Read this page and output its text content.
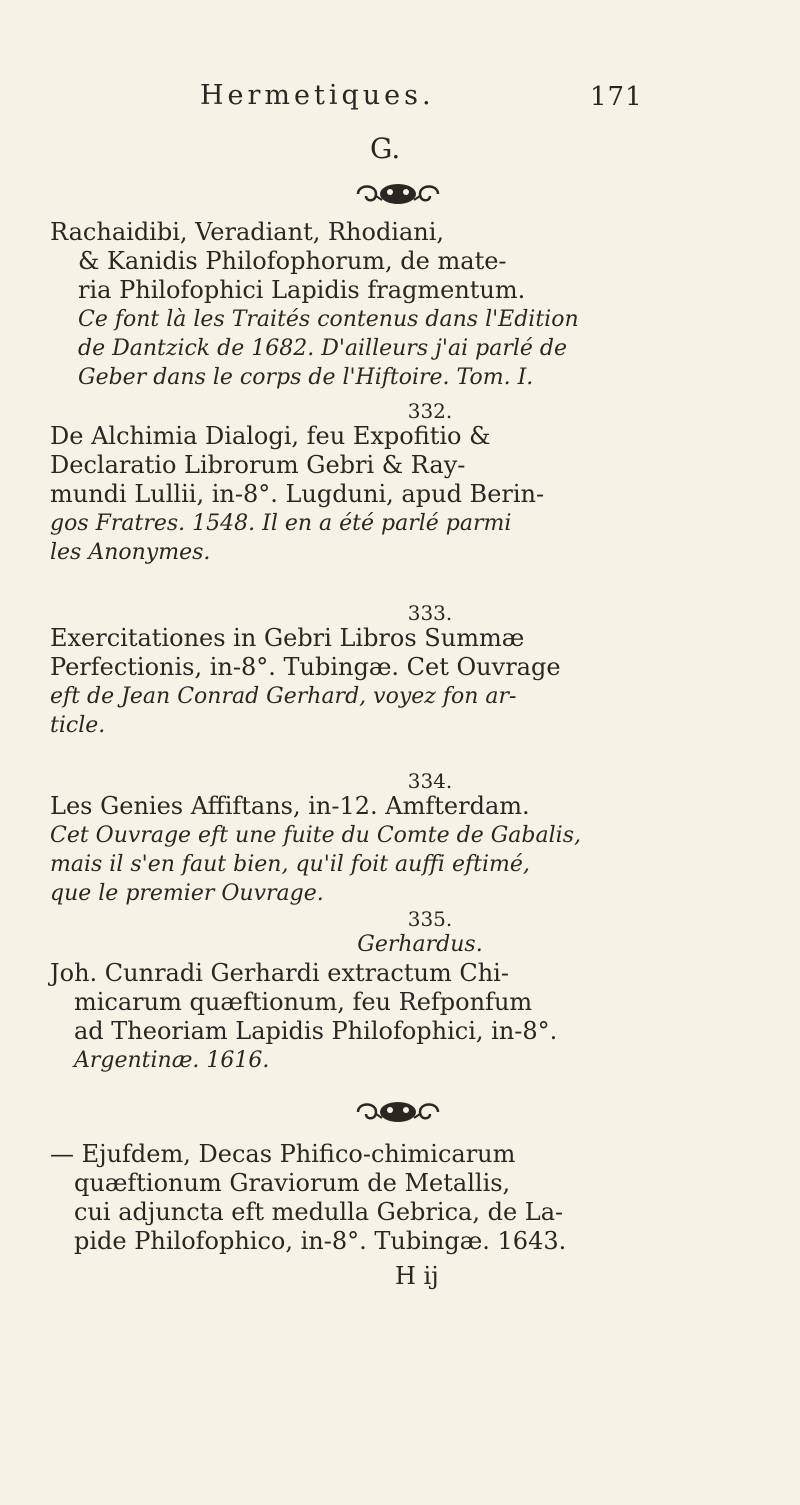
Hermetiques.	171
G.
Rachaidibi, Veradiant, Rhodiani,
& Kanidis Philofophorum, de mate-
ria Philofophici Lapidis fragmentum.
Ce font là les Traités contenus dans l'Edition
de Dantzick de 1682. D'ailleurs j'ai parlé de
Geber dans le corps de l'Hiftoire. Tom. I.
332.
De Alchimia Dialogi, feu Expofitio &
Declaratio Librorum Gebri & Ray-
mundi Lullii, in-8°. Lugduni, apud Berin-
gos Fratres. 1548. Il en a été parlé parmi
les Anonymes.
333.
Exercitationes in Gebri Libros Summæ
Perfectionis, in-8°. Tubingæ. Cet Ouvrage
eft de Jean Conrad Gerhard, voyez fon ar-
ticle.
334.
Les Genies Affiftans, in-12. Amfterdam.
Cet Ouvrage eft une fuite du Comte de Gabalis,
mais il s'en faut bien, qu'il foit auffi eftimé,
que le premier Ouvrage.
335.
Gerhardus.
Joh. Cunradi Gerhardi extractum Chi-
micarum quæftionum, feu Refponfum
ad Theoriam Lapidis Philofophici, in-8°.
Argentinæ. 1616.
— Ejufdem, Decas Phifico-chimicarum
quæftionum Graviorum de Metallis,
cui adjuncta eft medulla Gebrica, de La-
pide Philofophico, in-8°. Tubingæ. 1643.
H ij
